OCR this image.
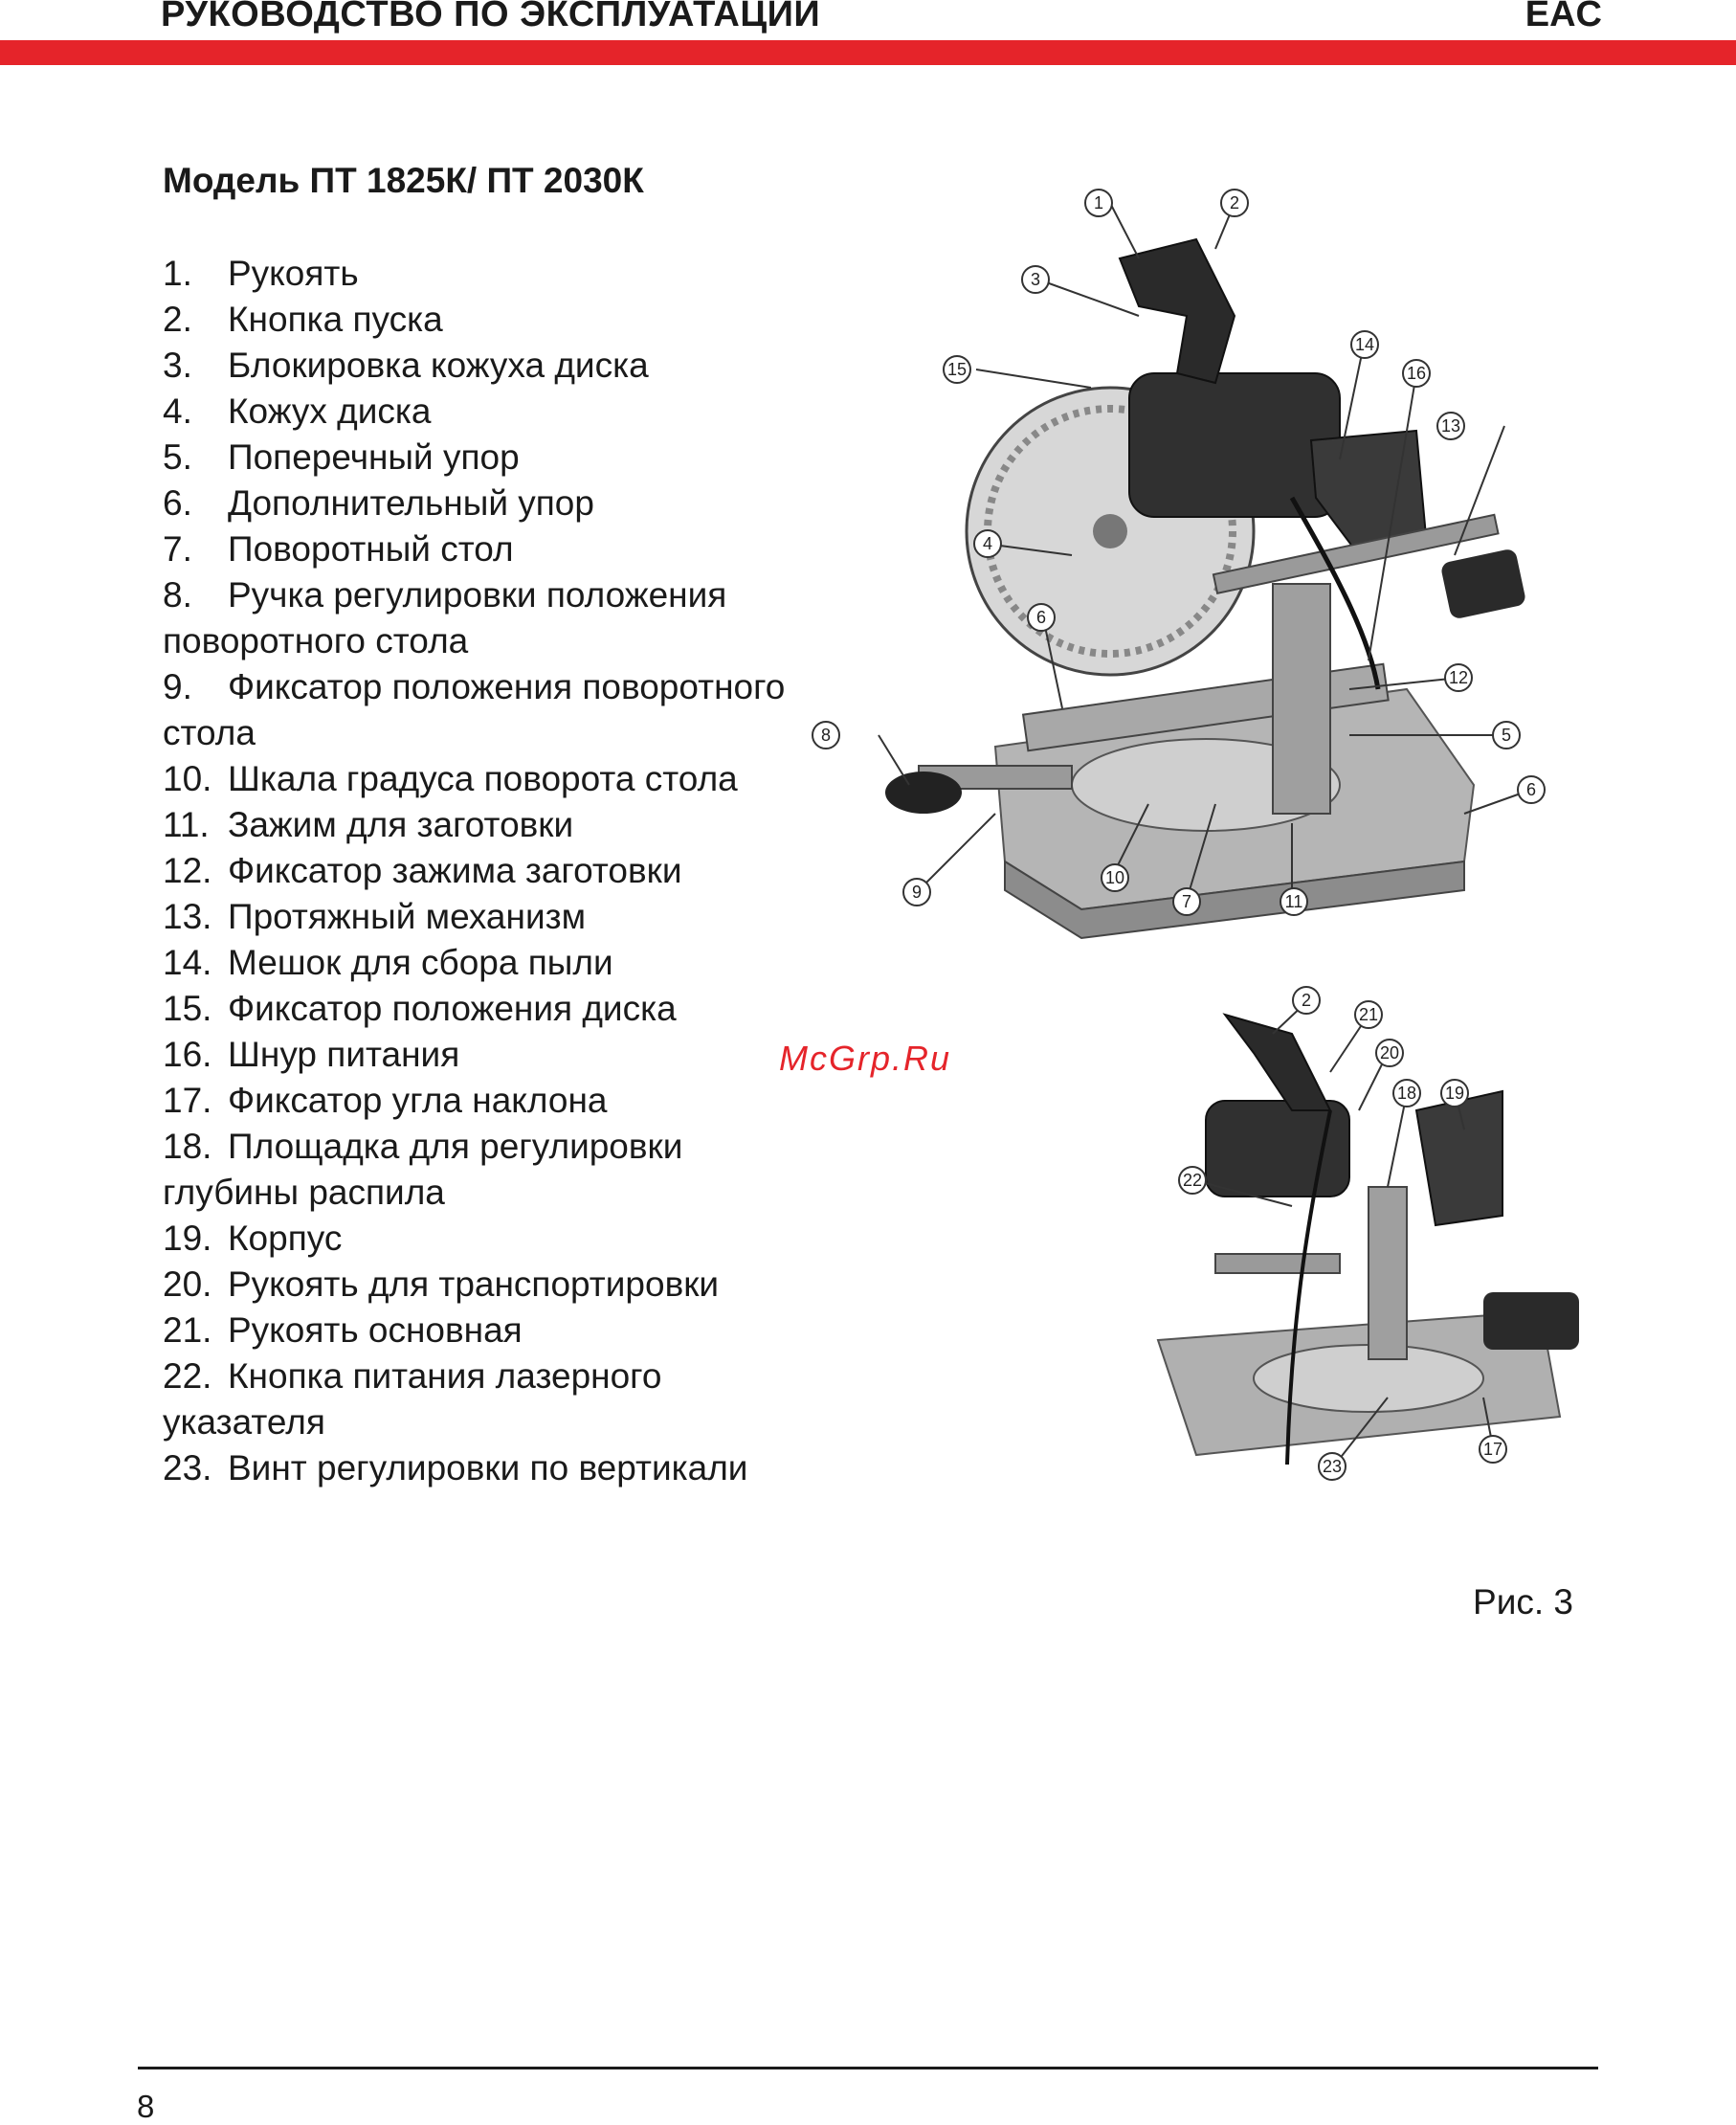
РУКОВОДСТВО ПО ЭКСПЛУАТАЦИИ	EAC
Модель ПТ 1825К/ ПТ 2030К
1. Рукоять
2. Кнопка пуска
3. Блокировка кожуха диска
4. Кожух диска
5. Поперечный упор
6. Дополнительный упор
7. Поворотный стол
8. Ручка регулировки положения поворотного стола
9. Фиксатор положения поворотного стола
10. Шкала градуса поворота стола
11. Зажим для заготовки
12. Фиксатор зажима заготовки
13. Протяжный механизм
14. Мешок для сбора пыли
15. Фиксатор положения диска
16. Шнур питания
17. Фиксатор угла наклона
18. Площадка для регулировки глубины распила
19. Корпус
20. Рукоять для транспортировки
21. Рукоять основная
22. Кнопка питания лазерного указателя
23. Винт регулировки по вертикали
1	2
3
4
5
6
6
7
8
9
10
11
12
13
14
15	16
2
17
18 19
20
21
22
23
McGrp.Ru
Рис. 3
8
